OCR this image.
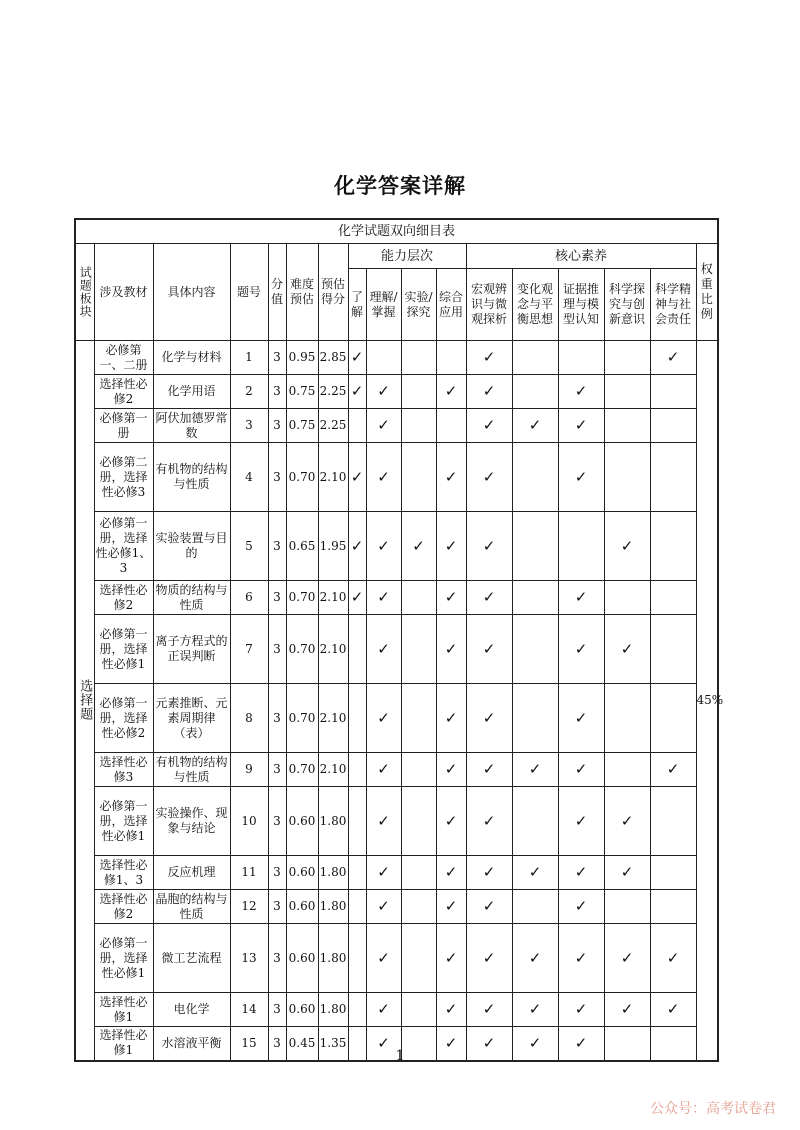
化学答案详解
化学试题双向细目表																

试题板块	涉及教材	具体内容	题号	分值	难度预估	预估得分	能力层次				核心素养					权重比例
							了解	理解/掌握	实验/探究	综合应用	宏观辨识与微观探析	变化观念与平衡思想	证据推理与模型认知	科学探究与创新意识	科学精神与社会责任	

选择题	必修第一、二册	化学与材料	1	3	0.95	2.85	✓				✓				✓	45%
	选择性必修2	化学用语	2	3	0.75	2.25	✓	✓		✓	✓		✓			
	必修第一册	阿伏加德罗常数	3	3	0.75	2.25		✓			✓	✓	✓			
	必修第二册，选择性必修3	有机物的结构与性质	4	3	0.70	2.10	✓	✓		✓	✓		✓			
	必修第一册，选择性必修1、3	实验装置与目的	5	3	0.65	1.95	✓	✓	✓	✓	✓			✓		
	选择性必修2	物质的结构与性质	6	3	0.70	2.10	✓	✓		✓	✓		✓			
	必修第一册，选择性必修1	离子方程式的正误判断	7	3	0.70	2.10		✓		✓	✓		✓	✓		
	必修第一册，选择性必修2	元素推断、元素周期律（表）	8	3	0.70	2.10		✓		✓	✓		✓			
	选择性必修3	有机物的结构与性质	9	3	0.70	2.10		✓		✓	✓	✓	✓		✓	
	必修第一册，选择性必修1	实验操作、现象与结论	10	3	0.60	1.80		✓		✓	✓		✓	✓		
	选择性必修1、3	反应机理	11	3	0.60	1.80		✓		✓	✓	✓	✓	✓		
	选择性必修2	晶胞的结构与性质	12	3	0.60	1.80		✓		✓	✓		✓			
	必修第一册，选择性必修1	微工艺流程	13	3	0.60	1.80		✓		✓	✓	✓	✓	✓	✓	
	选择性必修1	电化学	14	3	0.60	1.80		✓		✓	✓	✓	✓	✓	✓	
	选择性必修1	水溶液平衡	15	3	0.45	1.35		✓		✓	✓	✓	✓			
1
公众号：高考试卷君
